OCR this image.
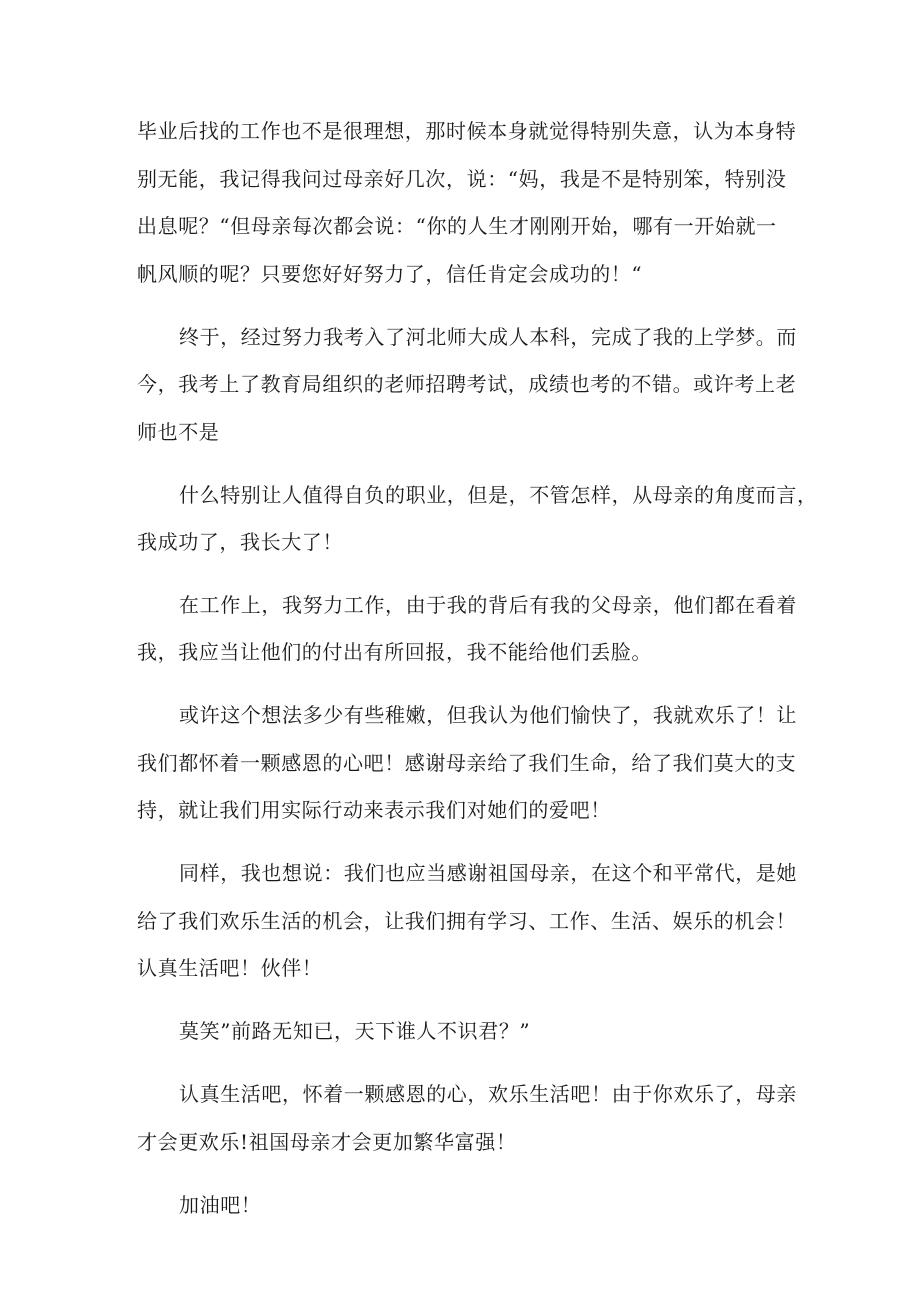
毕业后找的工作也不是很理想，那时候本身就觉得特别失意，认为本身特

别无能，我记得我问过母亲好几次，说：“妈，我是不是特别笨，特别没

出息呢？“但母亲每次都会说：“你的人生才刚刚开始，哪有一开始就一

帆风顺的呢？只要您好好努力了，信任肯定会成功的！“

终于，经过努力我考入了河北师大成人本科，完成了我的上学梦。而

今，我考上了教育局组织的老师招聘考试，成绩也考的不错。或许考上老

师也不是

什么特别让人值得自负的职业，但是，不管怎样，从母亲的角度而言，

我成功了，我长大了！

在工作上，我努力工作，由于我的背后有我的父母亲，他们都在看着

我，我应当让他们的付出有所回报，我不能给他们丢脸。

或许这个想法多少有些稚嫩，但我认为他们愉快了，我就欢乐了！让

我们都怀着一颗感恩的心吧！感谢母亲给了我们生命，给了我们莫大的支

持，就让我们用实际行动来表示我们对她们的爱吧！

同样，我也想说：我们也应当感谢祖国母亲，在这个和平常代，是她

给了我们欢乐生活的机会，让我们拥有学习、工作、生活、娱乐的机会！

认真生活吧！伙伴！

莫笑”前路无知已，天下谁人不识君？”

认真生活吧，怀着一颗感恩的心，欢乐生活吧！由于你欢乐了，母亲

才会更欢乐!祖国母亲才会更加繁华富强！

加油吧！
